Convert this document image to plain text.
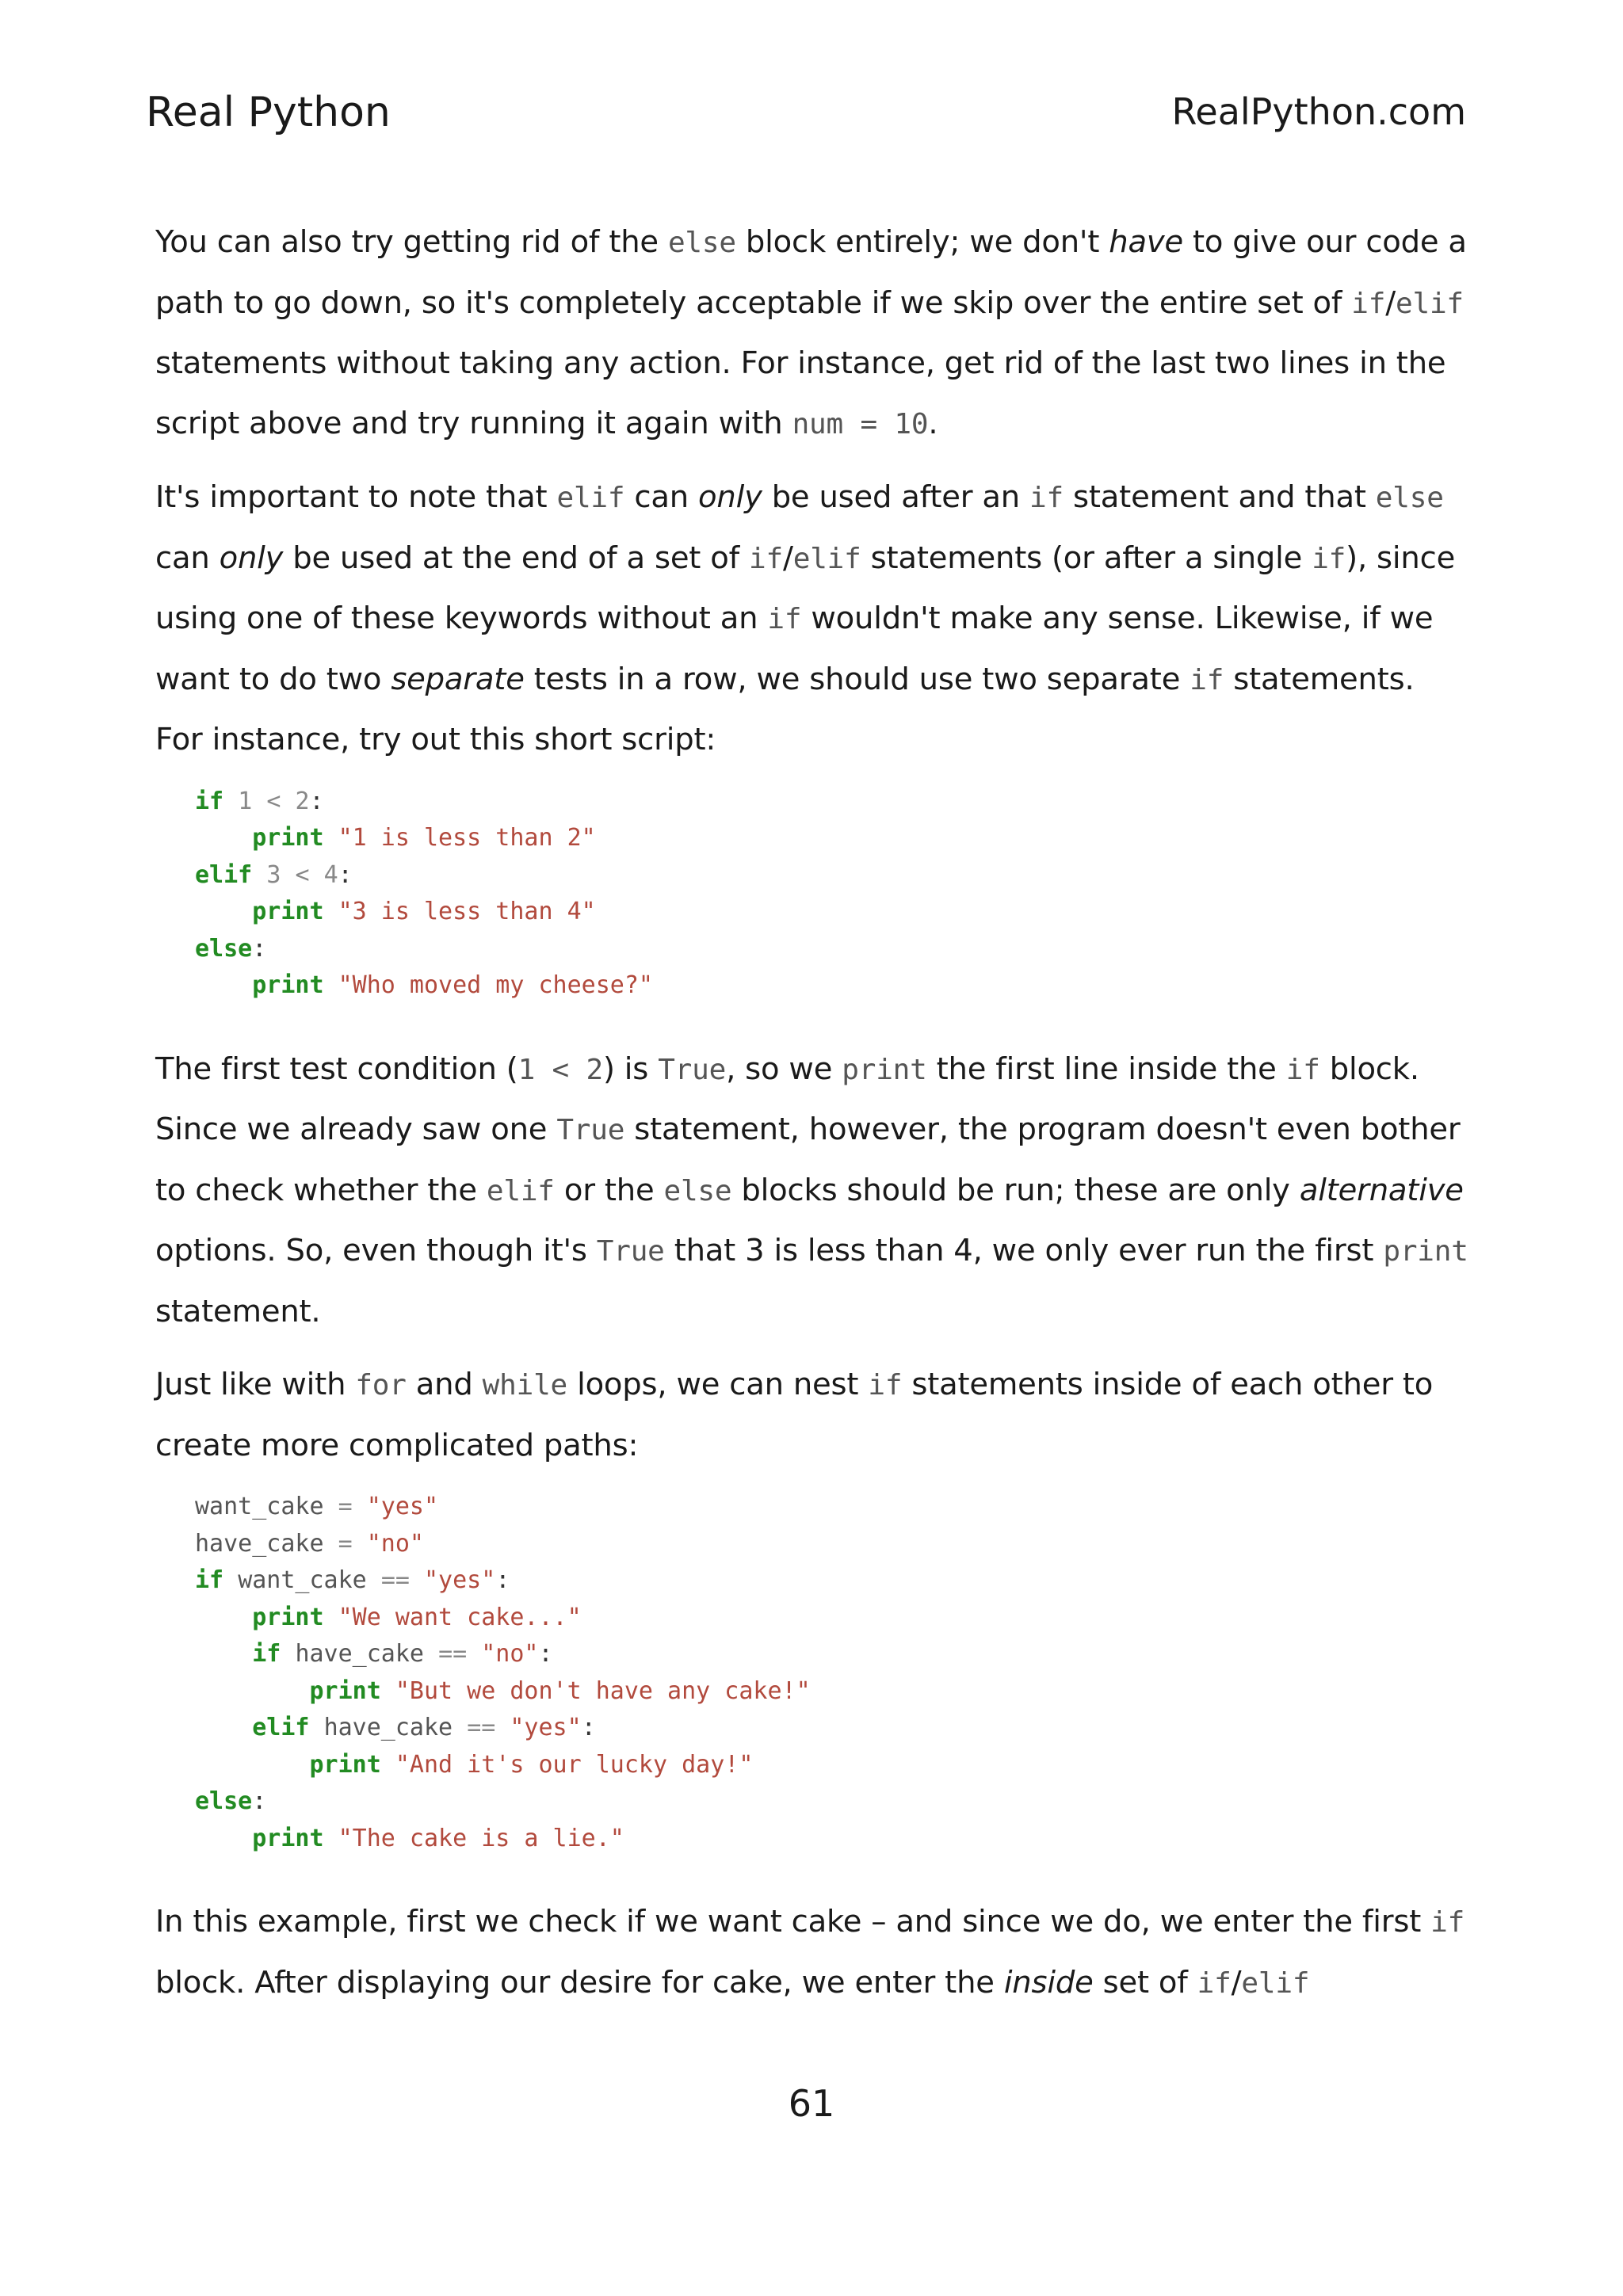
Real Python	RealPython.com

You can also try getting rid of the else block entirely; we don't have to give our code a path to go down, so it's completely acceptable if we skip over the entire set of if/elif statements without taking any action. For instance, get rid of the last two lines in the script above and try running it again with num = 10.

It's important to note that elif can only be used after an if statement and that else can only be used at the end of a set of if/elif statements (or after a single if), since using one of these keywords without an if wouldn't make any sense. Likewise, if we want to do two separate tests in a row, we should use two separate if statements. For instance, try out this short script:

if 1 < 2:
print "1 is less than 2"
elif 3 < 4:
print "3 is less than 4"
else:
print "Who moved my cheese?"

The first test condition (1 < 2) is True, so we print the first line inside the if block. Since we already saw one True statement, however, the program doesn't even bother to check whether the elif or the else blocks should be run; these are only alternative options. So, even though it's True that 3 is less than 4, we only ever run the first print statement.

Just like with for and while loops, we can nest if statements inside of each other to create more complicated paths:

want_cake = "yes"
have_cake = "no"
if want_cake == "yes":
print "We want cake..."
if have_cake == "no":
print "But we don't have any cake!"
elif have_cake == "yes":
print "And it's our lucky day!"
else:
print "The cake is a lie."

In this example, first we check if we want cake – and since we do, we enter the first if block. After displaying our desire for cake, we enter the inside set of if/elif

61
